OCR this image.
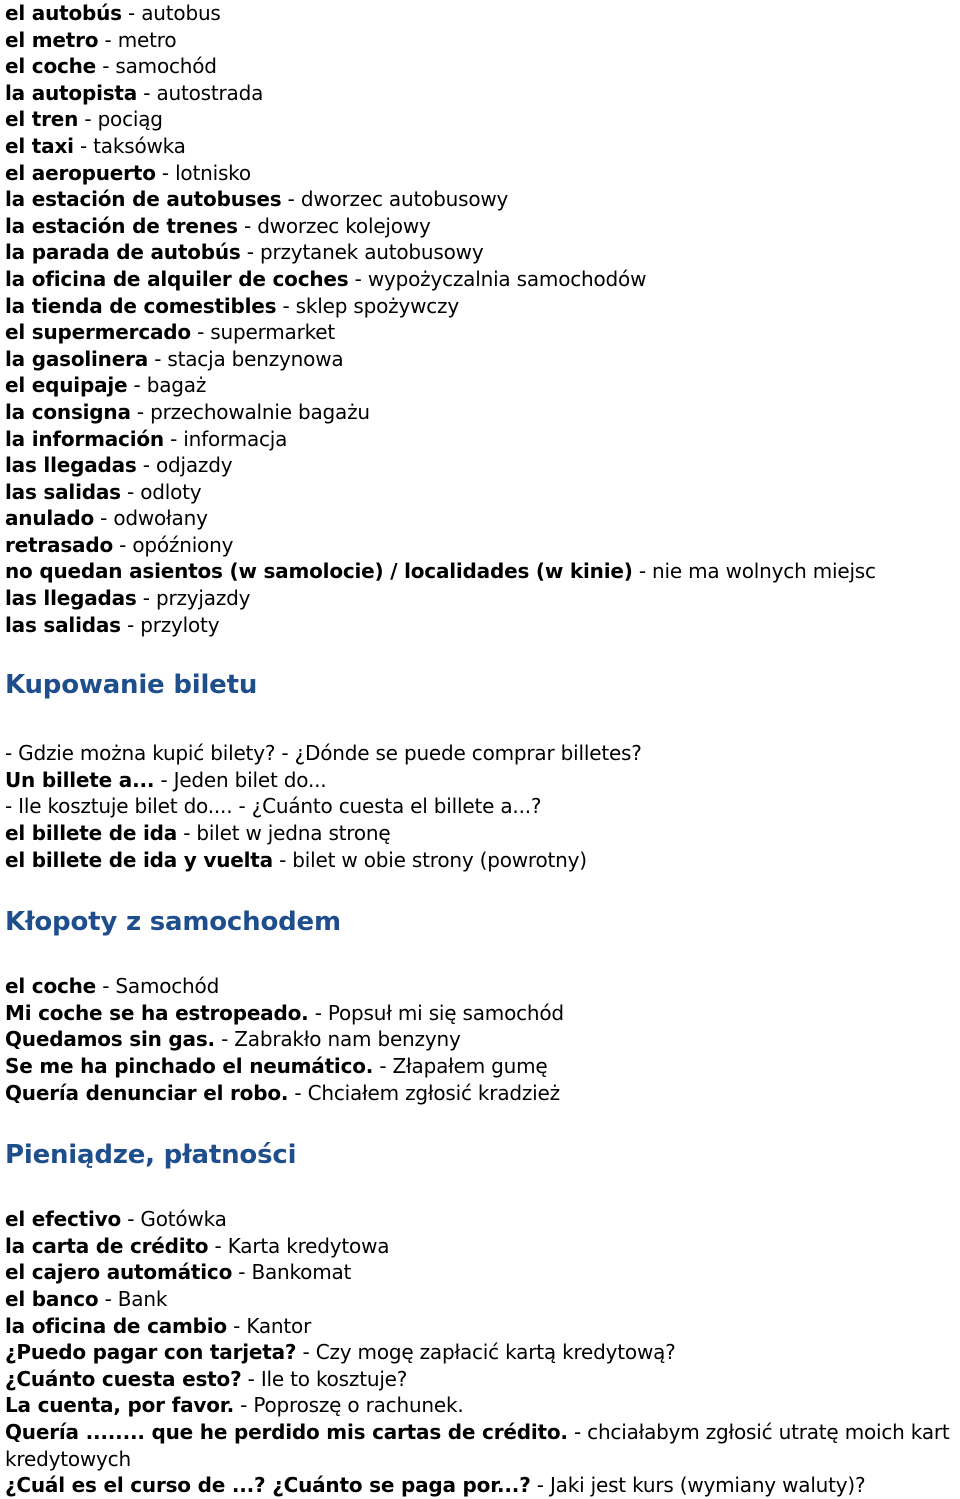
el autobús - autobus
el metro - metro
el coche - samochód
la autopista - autostrada
el tren - pociąg
el taxi - taksówka
el aeropuerto - lotnisko
la estación de autobuses - dworzec autobusowy
la estación de trenes - dworzec kolejowy
la parada de autobús - przytanek autobusowy
la oficina de alquiler de coches - wypożyczalnia samochodów
la tienda de comestibles - sklep spożywczy
el supermercado - supermarket
la gasolinera - stacja benzynowa
el equipaje - bagaż
la consigna - przechowalnie bagażu
la información - informacja
las llegadas - odjazdy
las salidas - odloty
anulado - odwołany
retrasado - opóźniony
no quedan asientos (w samolocie) / localidades (w kinie) - nie ma wolnych miejsc
las llegadas - przyjazdy
las salidas - przyloty
Kupowanie biletu
- Gdzie można kupić bilety? - ¿Dónde se puede comprar billetes?
Un billete a... - Jeden bilet do...
- Ile kosztuje bilet do.... - ¿Cuánto cuesta el billete a...?
el billete de ida - bilet w jedna stronę
el billete de ida y vuelta - bilet w obie strony (powrotny)
Kłopoty z samochodem
el coche - Samochód
Mi coche se ha estropeado. - Popsuł mi się samochód
Quedamos sin gas. - Zabrakło nam benzyny
Se me ha pinchado el neumático. - Złapałem gumę
Quería denunciar el robo. - Chciałem zgłosić kradzież
Pieniądze, płatności
el efectivo - Gotówka
la carta de crédito - Karta kredytowa
el cajero automático - Bankomat
el banco - Bank
la oficina de cambio - Kantor
¿Puedo pagar con tarjeta? - Czy mogę zapłacić kartą kredytową?
¿Cuánto cuesta esto? - Ile to kosztuje?
La cuenta, por favor. - Poproszę o rachunek.
Quería ........ que he perdido mis cartas de crédito. - chciałabym zgłosić utratę moich kart kredytowych
¿Cuál es el curso de ...? ¿Cuánto se paga por...? - Jaki jest kurs (wymiany waluty)?
